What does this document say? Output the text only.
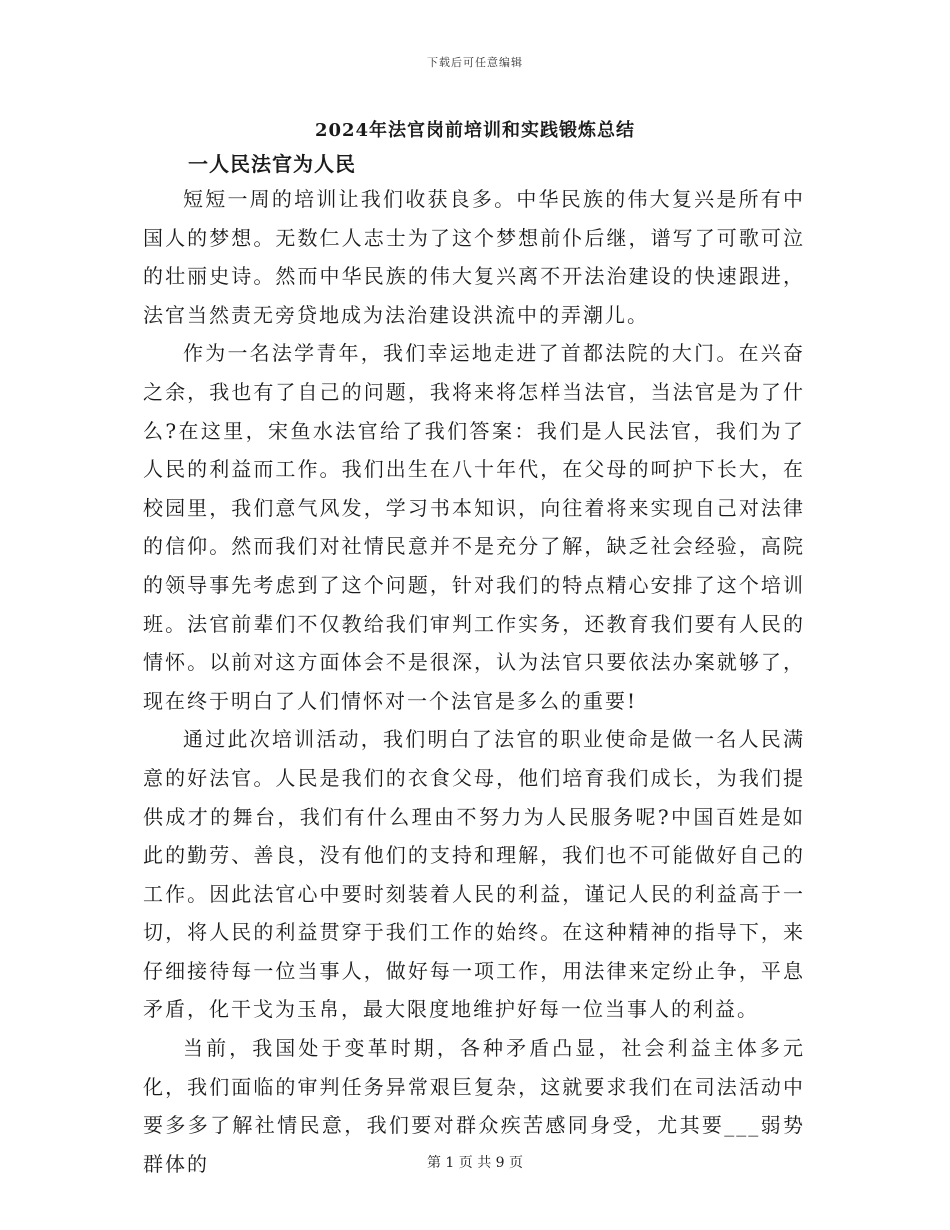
下载后可任意编辑
2024年法官岗前培训和实践锻炼总结
一人民法官为人民

短短一周的培训让我们收获良多。中华民族的伟大复兴是所有中国人的梦想。无数仁人志士为了这个梦想前仆后继，谱写了可歌可泣的壮丽史诗。然而中华民族的伟大复兴离不开法治建设的快速跟进，法官当然责无旁贷地成为法治建设洪流中的弄潮儿。

作为一名法学青年，我们幸运地走进了首都法院的大门。在兴奋之余，我也有了自己的问题，我将来将怎样当法官，当法官是为了什么?在这里，宋鱼水法官给了我们答案：我们是人民法官，我们为了人民的利益而工作。我们出生在八十年代，在父母的呵护下长大，在校园里，我们意气风发，学习书本知识，向往着将来实现自己对法律的信仰。然而我们对社情民意并不是充分了解，缺乏社会经验，高院的领导事先考虑到了这个问题，针对我们的特点精心安排了这个培训班。法官前辈们不仅教给我们审判工作实务，还教育我们要有人民的情怀。以前对这方面体会不是很深，认为法官只要依法办案就够了，现在终于明白了人们情怀对一个法官是多么的重要!

通过此次培训活动，我们明白了法官的职业使命是做一名人民满意的好法官。人民是我们的衣食父母，他们培育我们成长，为我们提供成才的舞台，我们有什么理由不努力为人民服务呢?中国百姓是如此的勤劳、善良，没有他们的支持和理解，我们也不可能做好自己的工作。因此法官心中要时刻装着人民的利益，谨记人民的利益高于一切，将人民的利益贯穿于我们工作的始终。在这种精神的指导下，来仔细接待每一位当事人，做好每一项工作，用法律来定纷止争，平息矛盾，化干戈为玉帛，最大限度地维护好每一位当事人的利益。

当前，我国处于变革时期，各种矛盾凸显，社会利益主体多元化，我们面临的审判任务异常艰巨复杂，这就要求我们在司法活动中要多多了解社情民意，我们要对群众疾苦感同身受，尤其要___弱势群体的	第 1 页 共 9 页
